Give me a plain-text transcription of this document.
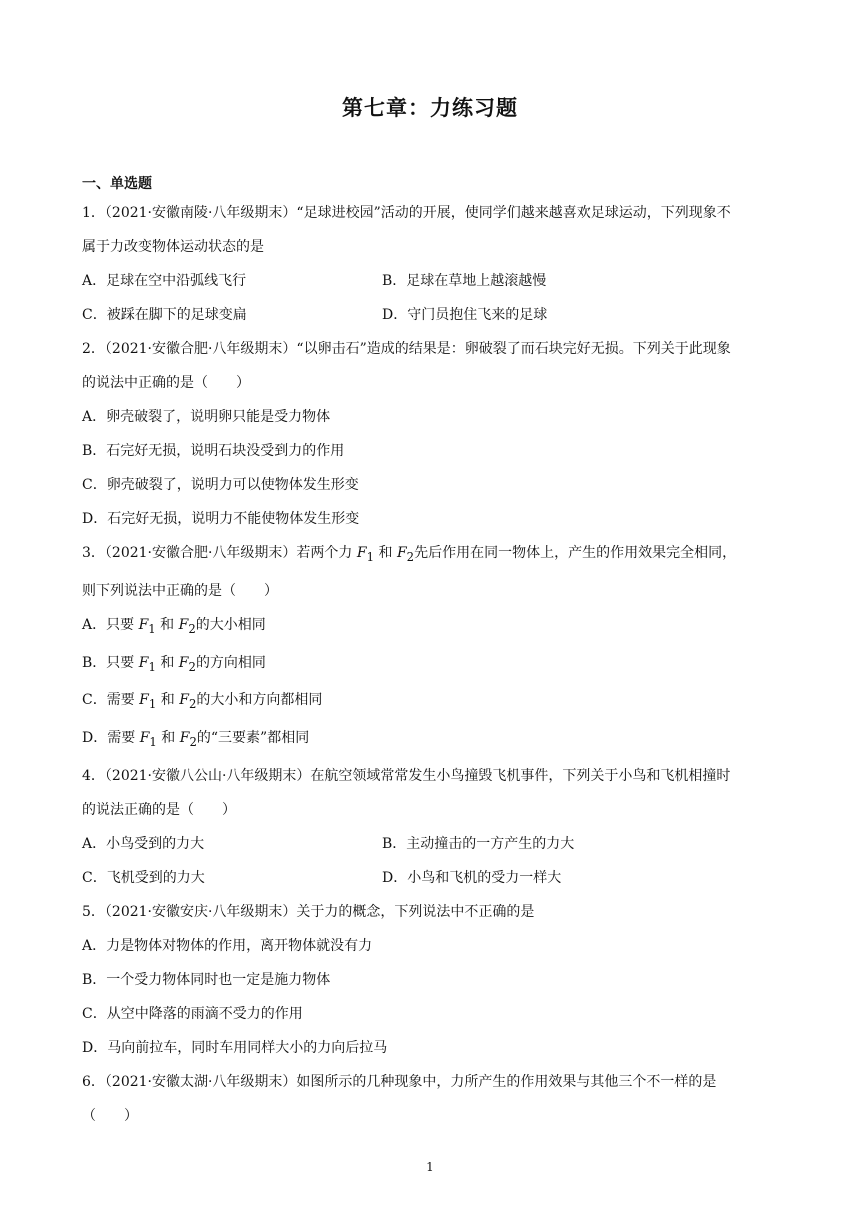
第七章：力练习题
一、单选题
1．（2021·安徽南陵·八年级期末）“足球进校园”活动的开展，使同学们越来越喜欢足球运动，下列现象不
属于力改变物体运动状态的是
A．足球在空中沿弧线飞行	B．足球在草地上越滚越慢
C．被踩在脚下的足球变扁	D．守门员抱住飞来的足球
2．（2021·安徽合肥·八年级期末）“以卵击石”造成的结果是：卵破裂了而石块完好无损。下列关于此现象
的说法中正确的是（　　）
A．卵壳破裂了，说明卵只能是受力物体
B．石完好无损，说明石块没受到力的作用
C．卵壳破裂了，说明力可以使物体发生形变
D．石完好无损，说明力不能使物体发生形变
3．（2021·安徽合肥·八年级期末）若两个力 $F_1$ 和 $F_2$先后作用在同一物体上，产生的作用效果完全相同，
则下列说法中正确的是（　　）
A．只要 $F_1$ 和 $F_2$的大小相同
B．只要 $F_1$ 和 $F_2$的方向相同
C．需要 $F_1$ 和 $F_2$的大小和方向都相同
D．需要 $F_1$ 和 $F_2$的“三要素”都相同
4．（2021·安徽八公山·八年级期末）在航空领域常常发生小鸟撞毁飞机事件，下列关于小鸟和飞机相撞时
的说法正确的是（　　）
A．小鸟受到的力大	B．主动撞击的一方产生的力大
C．飞机受到的力大	D．小鸟和飞机的受力一样大
5．（2021·安徽安庆·八年级期末）关于力的概念，下列说法中不正确的是
A．力是物体对物体的作用，离开物体就没有力
B．一个受力物体同时也一定是施力物体
C．从空中降落的雨滴不受力的作用
D．马向前拉车，同时车用同样大小的力向后拉马
6．（2021·安徽太湖·八年级期末）如图所示的几种现象中，力所产生的作用效果与其他三个不一样的是
（　　）
1
